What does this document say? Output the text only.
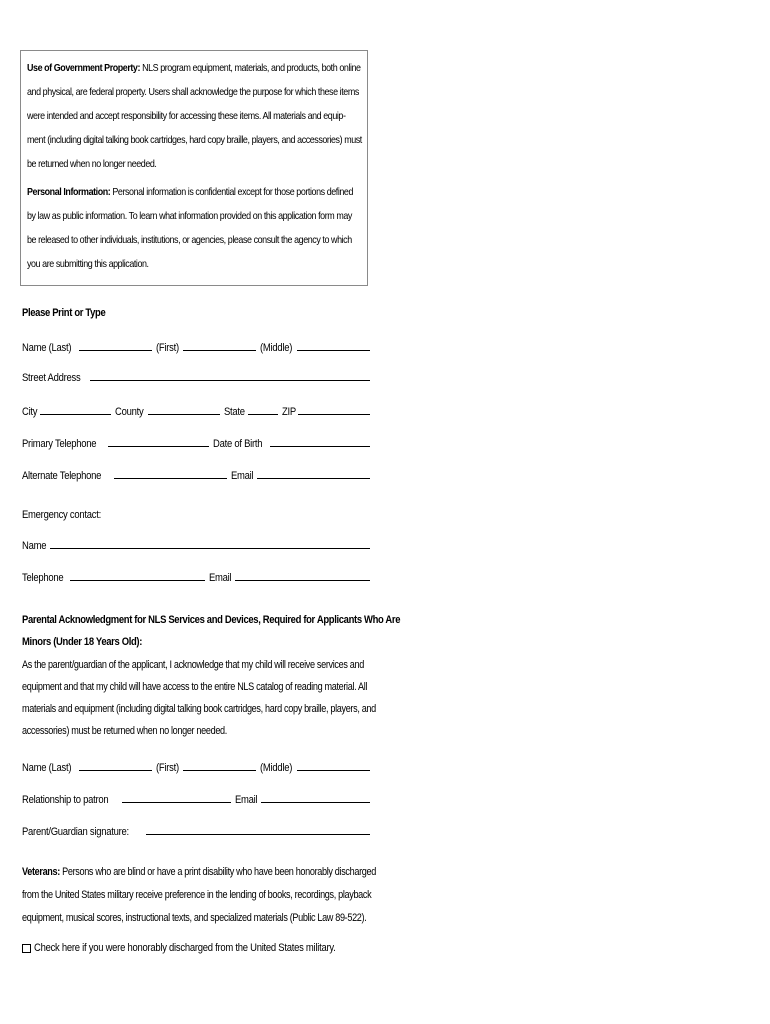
Use of Government Property: NLS program equipment, materials, and products, both online and physical, are federal property. Users shall acknowledge the purpose for which these items were intended and accept responsibility for accessing these items. All materials and equip-ment (including digital talking book cartridges, hard copy braille, players, and accessories) must be returned when no longer needed.

Personal Information: Personal information is confidential except for those portions defined by law as public information. To learn what information provided on this application form may be released to other individuals, institutions, or agencies, please consult the agency to which you are submitting this application.

Please Print or Type
Name (Last)	(First)	(Middle)
Street Address
City	County	State	ZIP
Primary Telephone	Date of Birth
Alternate Telephone	Email
Emergency contact:
Name
Telephone	Email
Parental Acknowledgment for NLS Services and Devices, Required for Applicants Who Are
Minors (Under 18 Years Old):
As the parent/guardian of the applicant, I acknowledge that my child will receive services and equipment and that my child will have access to the entire NLS catalog of reading material. All materials and equipment (including digital talking book cartridges, hard copy braille, players, and accessories) must be returned when no longer needed.
Name (Last)	(First)	(Middle)
Relationship to patron	Email
Parent/Guardian signature:
Veterans: Persons who are blind or have a print disability who have been honorably discharged from the United States military receive preference in the lending of books, recordings, playback equipment, musical scores, instructional texts, and specialized materials (Public Law 89-522).
Check here if you were honorably discharged from the United States military.
